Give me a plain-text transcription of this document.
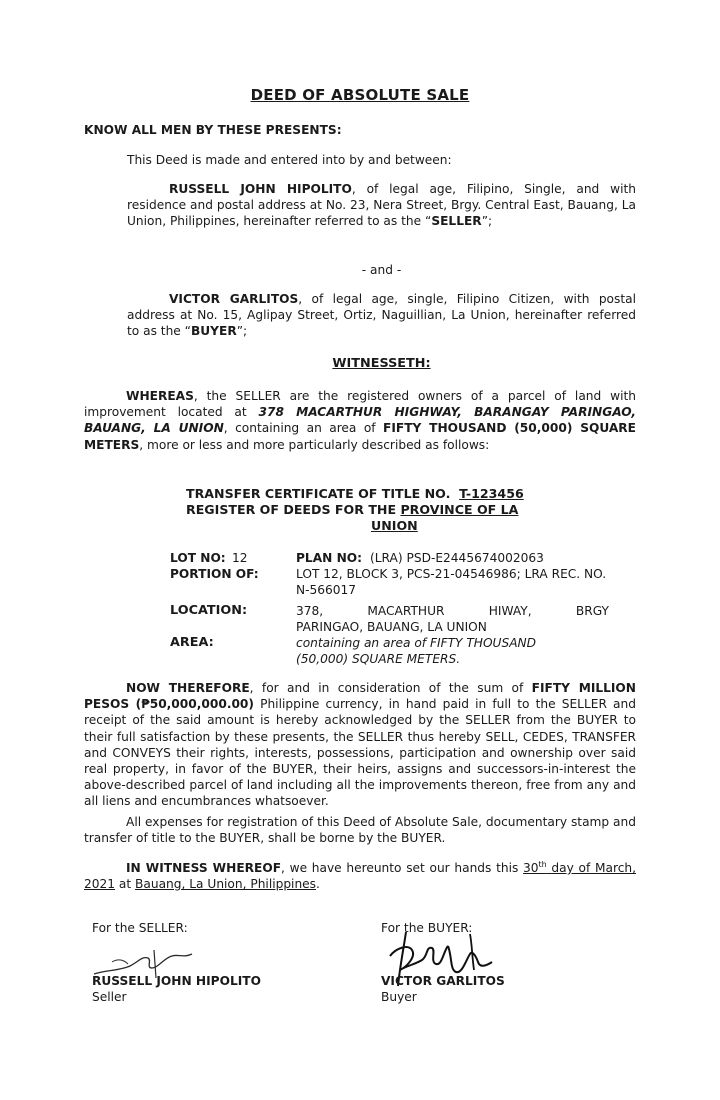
DEED OF ABSOLUTE SALE
KNOW ALL MEN BY THESE PRESENTS:
This Deed is made and entered into by and between:
RUSSELL JOHN HIPOLITO, of legal age, Filipino, Single, and with residence and postal address at No. 23, Nera Street, Brgy. Central East, Bauang, La Union, Philippines, hereinafter referred to as the “SELLER”;
- and -
VICTOR GARLITOS, of legal age, single, Filipino Citizen, with postal address at No. 15, Aglipay Street, Ortiz, Naguillian, La Union, hereinafter referred to as the “BUYER”;
WITNESSETH:
WHEREAS, the SELLER are the registered owners of a parcel of land with improvement located at 378 MACARTHUR HIGHWAY, BARANGAY PARINGAO, BAUANG, LA UNION, containing an area of FIFTY THOUSAND (50,000) SQUARE METERS, more or less and more particularly described as follows:
TRANSFER CERTIFICATE OF TITLE NO. T-123456
REGISTER OF DEEDS FOR THE PROVINCE OF LA
UNION
LOT NO: 12	PLAN NO: (LRA) PSD-E2445674002063
PORTION OF:	LOT 12, BLOCK 3, PCS-21-04546986; LRA REC. NO.
N-566017
LOCATION:	378,	MACARTHUR	HIWAY,	BRGY
PARINGAO, BAUANG, LA UNION
AREA:	containing an area of FIFTY THOUSAND
(50,000) SQUARE METERS.
NOW THEREFORE, for and in consideration of the sum of FIFTY MILLION PESOS (₱50,000,000.00) Philippine currency, in hand paid in full to the SELLER and receipt of the said amount is hereby acknowledged by the SELLER from the BUYER to their full satisfaction by these presents, the SELLER thus hereby SELL, CEDES, TRANSFER and CONVEYS their rights, interests, possessions, participation and ownership over said real property, in favor of the BUYER, their heirs, assigns and successors-in-interest the above-described parcel of land including all the improvements thereon, free from any and all liens and encumbrances whatsoever.
All expenses for registration of this Deed of Absolute Sale, documentary stamp and transfer of title to the BUYER, shall be borne by the BUYER.
IN WITNESS WHEREOF, we have hereunto set our hands this 30th day of March, 2021 at Bauang, La Union, Philippines.
For the SELLER:
RUSSELL JOHN HIPOLITO
Seller
For the BUYER:
VICTOR GARLITOS
Buyer
